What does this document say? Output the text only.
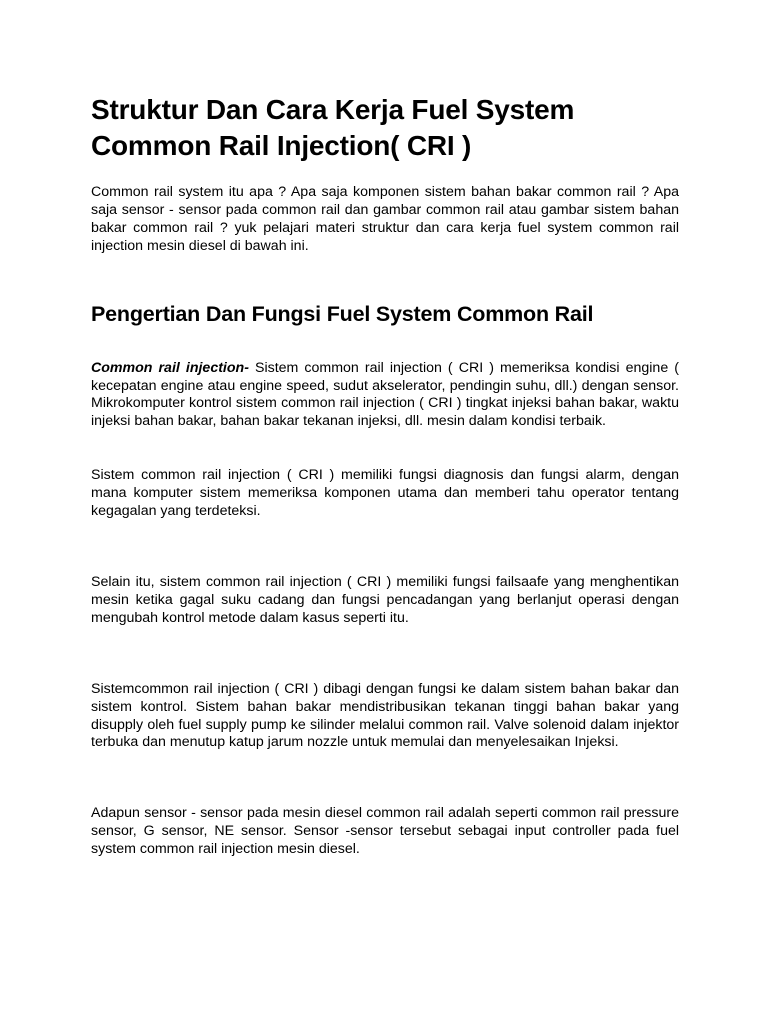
Struktur Dan Cara Kerja Fuel System Common Rail Injection( CRI )

Common rail system itu apa ? Apa saja komponen sistem bahan bakar common rail ? Apa saja sensor - sensor pada common rail dan gambar common rail atau gambar sistem bahan bakar common rail ? yuk pelajari materi struktur dan cara kerja fuel system common rail injection mesin diesel di bawah ini.

Pengertian Dan Fungsi Fuel System Common Rail

Common rail injection- Sistem common rail injection ( CRI ) memeriksa kondisi engine ( kecepatan engine atau engine speed, sudut akselerator, pendingin suhu, dll.) dengan sensor. Mikrokomputer kontrol sistem common rail injection ( CRI ) tingkat injeksi bahan bakar, waktu injeksi bahan bakar, bahan bakar tekanan injeksi, dll. mesin dalam kondisi terbaik.

Sistem common rail injection ( CRI ) memiliki fungsi diagnosis dan fungsi alarm, dengan mana komputer sistem memeriksa komponen utama dan memberi tahu operator tentang kegagalan yang terdeteksi.

Selain itu, sistem common rail injection ( CRI ) memiliki fungsi failsaafe yang menghentikan mesin ketika gagal suku cadang dan fungsi pencadangan yang berlanjut operasi dengan mengubah kontrol metode dalam kasus seperti itu.

Sistemcommon rail injection ( CRI ) dibagi dengan fungsi ke dalam sistem bahan bakar dan sistem kontrol. Sistem bahan bakar mendistribusikan tekanan tinggi bahan bakar yang disupply oleh fuel supply pump ke silinder melalui common rail. Valve solenoid dalam injektor terbuka dan menutup katup jarum nozzle untuk memulai dan menyelesaikan Injeksi.

Adapun sensor - sensor pada mesin diesel common rail adalah seperti common rail pressure sensor, G sensor, NE sensor. Sensor -sensor tersebut sebagai input controller pada fuel system common rail injection mesin diesel.
